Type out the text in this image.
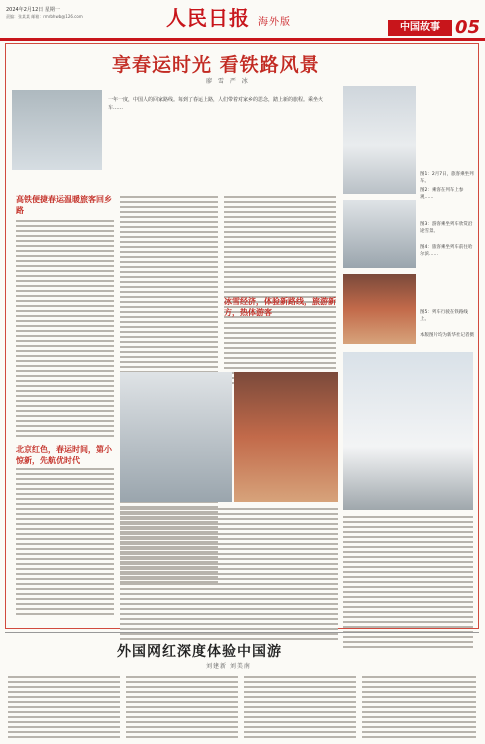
2024年2月12日 星期一
责编：张某某 邮箱：rmrbhwb@126.com	人民日报 海外版	中国故事 05
享春运时光 看铁路风景
廖 雪 严 冰
一年一度，中国人的回家路线。每到了春运上路，人们带着对家乡的思念，踏上新的旅程。乘坐火车……
图1：2月7日，旅客乘坐列车。
图2：乘客在列车上参观……
图3：游客乘坐列车欣赏沿途雪景。
图4：旅客乘坐列车前往哈尔滨……
图5：列车行驶在铁路线上。
本版图片均为新华社记者摄
高铁便捷春运温暖旅客回乡路
北京红色，春运时间，第小惊新，先航优时代
冰雪经济，体验新路线，旅游新方，热体游客
外国网红深度体验中国游
刘建新 刘美南
